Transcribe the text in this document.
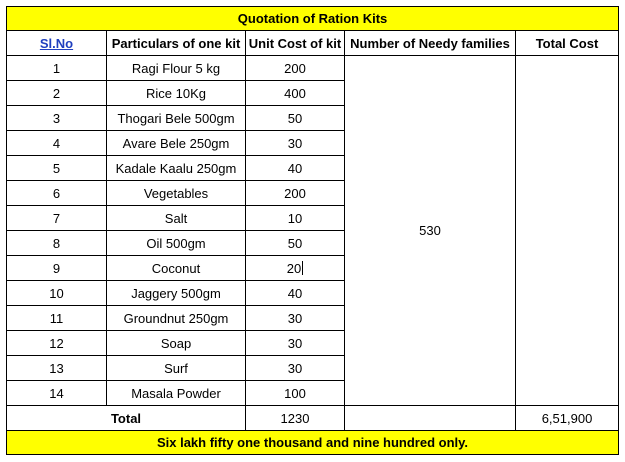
Quotation of Ration Kits				
Sl.No	Particulars of one kit	Unit Cost of kit	Number of Needy families	Total Cost
1	Ragi Flour 5 kg	200	530	
2	Rice 10Kg	400		
3	Thogari Bele 500gm	50		
4	Avare Bele 250gm	30		
5	Kadale Kaalu 250gm	40		
6	Vegetables	200		
7	Salt	10		
8	Oil 500gm	50		
9	Coconut	20		
10	Jaggery 500gm	40		
11	Groundnut 250gm	30		
12	Soap	30		
13	Surf	30		
14	Masala Powder	100		
Total		1230		6,51,900
Six lakh fifty one thousand and nine hundred only.				
